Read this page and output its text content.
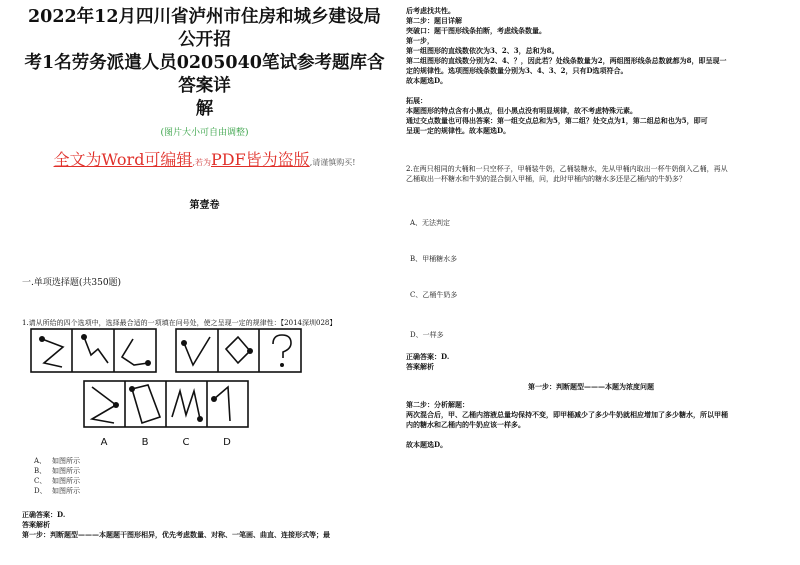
2022年12月四川省泸州市住房和城乡建设局公开招
考1名劳务派遣人员0205040笔试参考题库含答案详
解
(图片大小可自由调整)
全文为Word可编辑,若为PDF皆为盗版,请谨慎购买!
第壹卷
一.单项选择题(共350题)
1.请从所给的四个选项中，选择最合适的一项填在问号处，使之呈现一定的规律性：【2014深圳028】
A	B	C	D
A、 如图所示
B、 如图所示
C、 如图所示
D、 如图所示
正确答案：D.
答案解析
第一步：判断题型———本题题干图形相异，优先考虑数量、对称、一笔画、曲直、连接形式等；最
后考虑找共性。
第二步：题目详解
突破口：题干图形线条拍断，考虑线条数量。
第一步，
第一组图形的直线数依次为3、2、3，总和为8。
第二组图形的直线数分别为2、4、？，因此若？处线条数量为2，两组图形线条总数就都为8，即呈现一
定的规律性。选项图形线条数量分别为3、4、3、2，只有D选项符合。
故本题选D。
拓展：
本题图形的特点含有小黑点，但小黑点没有明显规律，故不考虑特殊元素。
通过交点数量也可得出答案：第一组交点总和为5，第二组？处交点为1，第二组总和也为5，即可
呈现一定的规律性。故本题选D。
2.在两只相同的大桶和一只空杯子，甲桶装牛奶，乙桶装糖水，先从甲桶内取出一杯牛奶倒入乙桶，再从
乙桶取出一杯糖水和牛奶的混合倒入甲桶，问，此时甲桶内的糖水多还是乙桶内的牛奶多？
A、无法判定
B、甲桶糖水多
C、乙桶牛奶多
D、一样多
正确答案：D.
答案解析
第一步：判断题型———本题为浓度问题
第二步：分析解题：
两次混合后，甲、乙桶内溶液总量均保持不变，即甲桶减少了多少牛奶就相应增加了多少糖水，所以甲桶
内的糖水和乙桶内的牛奶应该一样多。
故本题选D。
